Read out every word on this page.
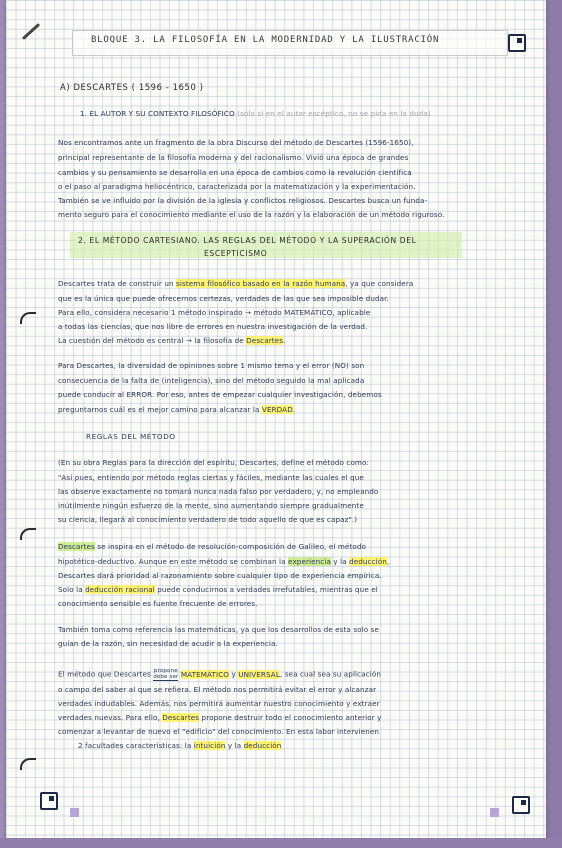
BLOQUE 3. LA FILOSOFÍA EN LA MODERNIDAD Y LA ILUSTRACIÓN
A) DESCARTES ( 1596 - 1650 )
1. EL AUTOR Y SU CONTEXTO FILOSÓFICO (sólo si en el autor escéptico, no se pida en la duda)
Nos encontramos ante un fragmento de la obra Discurso del método de Descartes (1596-1650),
principal representante de la filosofía moderna y del racionalismo. Vivió una época de grandes
cambios y su pensamiento se desarrolla en una época de cambios como la revolución científica
o el paso al paradigma heliocéntrico, caracterizada por la matematización y la experimentación.
También se ve influido por la división de la iglesia y conflictos religiosos. Descartes busca un funda-
mento seguro para el conocimiento mediante el uso de la razón y la elaboración de un método riguroso.
2. EL MÉTODO CARTESIANO. LAS REGLAS DEL MÉTODO Y LA SUPERACIÓN DEL
ESCEPTICISMO
Descartes trata de construir un sistema filosófico basado en la razón humana, ya que considera
que es la única que puede ofrecernos certezas, verdades de las que sea imposible dudar.
Para ello, considera necesario 1 método inspirado → método MATEMÁTICO, aplicable
a todas las ciencias, que nos libre de errores en nuestra investigación de la verdad.
La cuestión del método es central → la filosofía de Descartes.
Para Descartes, la diversidad de opiniones sobre 1 mismo tema y el error (NO) son
consecuencia de la falta de (inteligencia), sino del método seguido la mal aplicada
puede conducir al ERROR. Por eso, antes de empezar cualquier investigación, debemos
preguntarnos cuál es el mejor camino para alcanzar la VERDAD.
REGLAS DEL MÉTODO
(En su obra Reglas para la dirección del espíritu, Descartes, define el método como:
"Así pues, entiendo por método reglas ciertas y fáciles, mediante las cuales el que
las observe exactamente no tomará nunca nada falso por verdadero, y, no empleando
inútilmente ningún esfuerzo de la mente, sino aumentando siempre gradualmente
su ciencia, llegará al conocimiento verdadero de todo aquello de que es capaz".)
Descartes se inspira en el método de resolución-composición de Galileo, el método
hipotético-deductivo. Aunque en este método se combinan la experiencia y la deducción,
Descartes dará prioridad al razonamiento sobre cualquier tipo de experiencia empírica.
Solo la deducción racional puede conducirnos a verdades irrefutables, mientras que el
conocimiento sensible es fuente frecuente de errores.
También toma como referencia las matemáticas, ya que los desarrollos de esta solo se
guían de la razón, sin necesidad de acudir a la experiencia.
El método que Descartes propone
debe ser MATEMÁTICO y UNIVERSAL, sea cual sea su aplicación
o campo del saber al que se refiera. El método nos permitirá evitar el error y alcanzar
verdades indudables. Además, nos permitirá aumentar nuestro conocimiento y extraer
verdades nuevas. Para ello, Descartes propone destruir todo el conocimiento anterior y
comenzar a levantar de nuevo el "edificio" del conocimiento. En esta labor intervienen
2 facultades características: la intuición y la deducción
